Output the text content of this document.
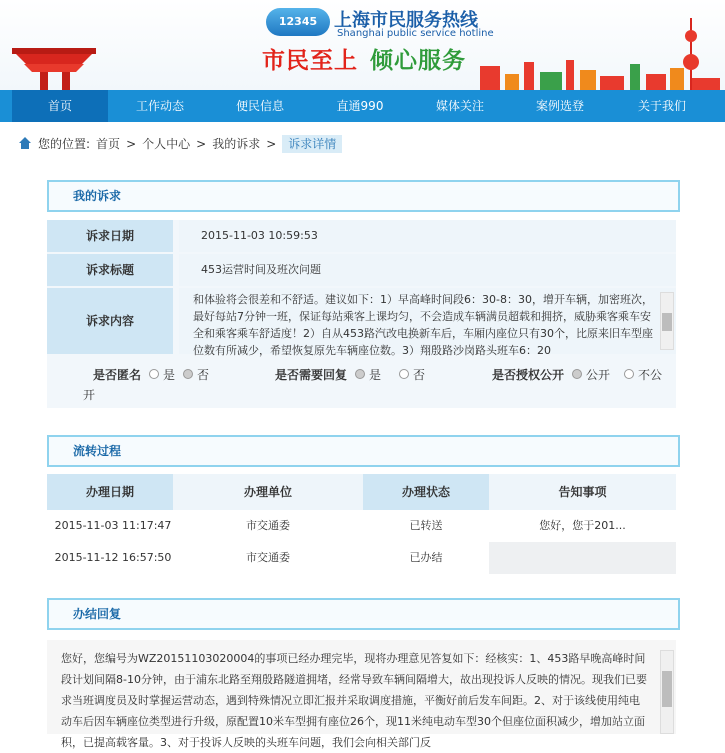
12345 上海市民服务热线
Shanghai public service hotline
市民至上 倾心服务
首页	工作动态	便民信息	直通990	媒体关注	案例选登	关于我们
您的位置: 首页 > 个人中心 > 我的诉求 > 诉求详情
我的诉求
诉求日期	2015-11-03 10:59:53
诉求标题	453运营时间及班次问题
诉求内容
和体验将会很差和不舒适。建议如下：1）早高峰时间段6：30-8：30，增开车辆，加密班次，最好每站7分钟一班，保证每站乘客上课均匀，不会造成车辆满员超载和拥挤，威胁乘客乘车安全和乘客乘车舒适度！2）自从453路汽改电换新车后，车厢内座位只有30个，比原来旧车型座位数有所减少，希望恢复原先车辆座位数。3）翔殷路沙岗路头班车6：20
是否匿名 是 否	是否需要回复 是	否	是否授权公开 公开 不公
开
流转过程
办理日期	办理单位	办理状态	告知事项
2015-11-03 11:17:47	市交通委	已转送	您好，您于201...
2015-11-12 16:57:50	市交通委	已办结
办结回复
您好，您编号为WZ20151103020004的事项已经办理完毕，现将办理意见答复如下：经核实：1、453路早晚高峰时间段计划间隔8-10分钟，由于浦东北路至翔殷路隧道拥堵，经常导致车辆间隔增大，故出现投诉人反映的情况。现我们已要求当班调度员及时掌握运营动态，遇到特殊情况立即汇报并采取调度措施，平衡好前后发车间距。2、对于该线使用纯电动车后因车辆座位类型进行升级，原配置10米车型拥有座位26个，现11米纯电动车型30个但座位面积减少，增加站立面积，已提高载客量。3、对于投诉人反映的头班车问题，我们会向相关部门反
